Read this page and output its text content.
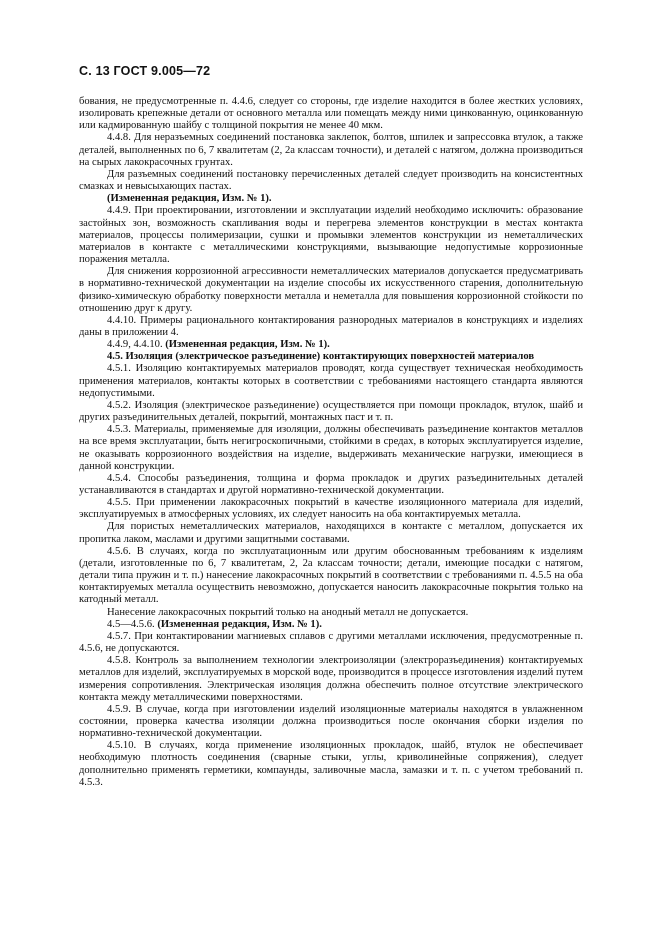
С. 13 ГОСТ 9.005—72

бования, не предусмотренные п. 4.4.6, следует со стороны, где изделие находится в более жестких условиях, изолировать крепежные детали от основного металла или помещать между ними цинкованную, оцинкованную или кадмированную шайбу с толщиной покрытия не менее 40 мкм.

4.4.8. Для неразъемных соединений постановка заклепок, болтов, шпилек и запрессовка втулок, а также деталей, выполненных по 6, 7 квалитетам (2, 2а классам точности), и деталей с натягом, должна производиться на сырых лакокрасочных грунтах.

Для разъемных соединений постановку перечисленных деталей следует производить на консистентных смазках и невысыхающих пастах.

(Измененная редакция, Изм. № 1).

4.4.9. При проектировании, изготовлении и эксплуатации изделий необходимо исключить: образование застойных зон, возможность скапливания воды и перегрева элементов конструкции в местах контакта материалов, процессы полимеризации, сушки и промывки элементов конструкции из неметаллических материалов в контакте с металлическими конструкциями, вызывающие недопустимые коррозионные поражения металла.

Для снижения коррозионной агрессивности неметаллических материалов допускается предусматривать в нормативно-технической документации на изделие способы их искусственного старения, дополнительную физико-химическую обработку поверхности металла и неметалла для повышения коррозионной стойкости по отношению друг к другу.

4.4.10. Примеры рационального контактирования разнородных материалов в конструкциях и изделиях даны в приложении 4.

4.4.9, 4.4.10. (Измененная редакция, Изм. № 1).

4.5. Изоляция (электрическое разъединение) контактирующих поверхностей материалов

4.5.1. Изоляцию контактируемых материалов проводят, когда существует техническая необходимость применения материалов, контакты которых в соответствии с требованиями настоящего стандарта являются недопустимыми.

4.5.2. Изоляция (электрическое разъединение) осуществляется при помощи прокладок, втулок, шайб и других разъединительных деталей, покрытий, монтажных паст и т. п.

4.5.3. Материалы, применяемые для изоляции, должны обеспечивать разъединение контактов металлов на все время эксплуатации, быть негигроскопичными, стойкими в средах, в которых эксплуатируется изделие, не оказывать коррозионного воздействия на изделие, выдерживать механические нагрузки, имеющиеся в данной конструкции.

4.5.4. Способы разъединения, толщина и форма прокладок и других разъединительных деталей устанавливаются в стандартах и другой нормативно-технической документации.

4.5.5. При применении лакокрасочных покрытий в качестве изоляционного материала для изделий, эксплуатируемых в атмосферных условиях, их следует наносить на оба контактируемых металла.

Для пористых неметаллических материалов, находящихся в контакте с металлом, допускается их пропитка лаком, маслами и другими защитными составами.

4.5.6. В случаях, когда по эксплуатационным или другим обоснованным требованиям к изделиям (детали, изготовленные по 6, 7 квалитетам, 2, 2а классам точности; детали, имеющие посадки с натягом, детали типа пружин и т. п.) нанесение лакокрасочных покрытий в соответствии с требованиями п. 4.5.5 на оба контактируемых металла осуществить невозможно, допускается наносить лакокрасочные покрытия только на катодный металл.

Нанесение лакокрасочных покрытий только на анодный металл не допускается.

4.5—4.5.6. (Измененная редакция, Изм. № 1).

4.5.7. При контактировании магниевых сплавов с другими металлами исключения, предусмотренные п. 4.5.6, не допускаются.

4.5.8. Контроль за выполнением технологии электроизоляции (электроразъединения) контактируемых металлов для изделий, эксплуатируемых в морской воде, производится в процессе изготовления изделий путем измерения сопротивления. Электрическая изоляция должна обеспечить полное отсутствие электрического контакта между металлическими поверхностями.

4.5.9. В случае, когда при изготовлении изделий изоляционные материалы находятся в увлажненном состоянии, проверка качества изоляции должна производиться после окончания сборки изделия по нормативно-технической документации.

4.5.10. В случаях, когда применение изоляционных прокладок, шайб, втулок не обеспечивает необходимую плотность соединения (сварные стыки, углы, криволинейные сопряжения), следует дополнительно применять герметики, компаунды, заливочные масла, замазки и т. п. с учетом требований п. 4.5.3.
